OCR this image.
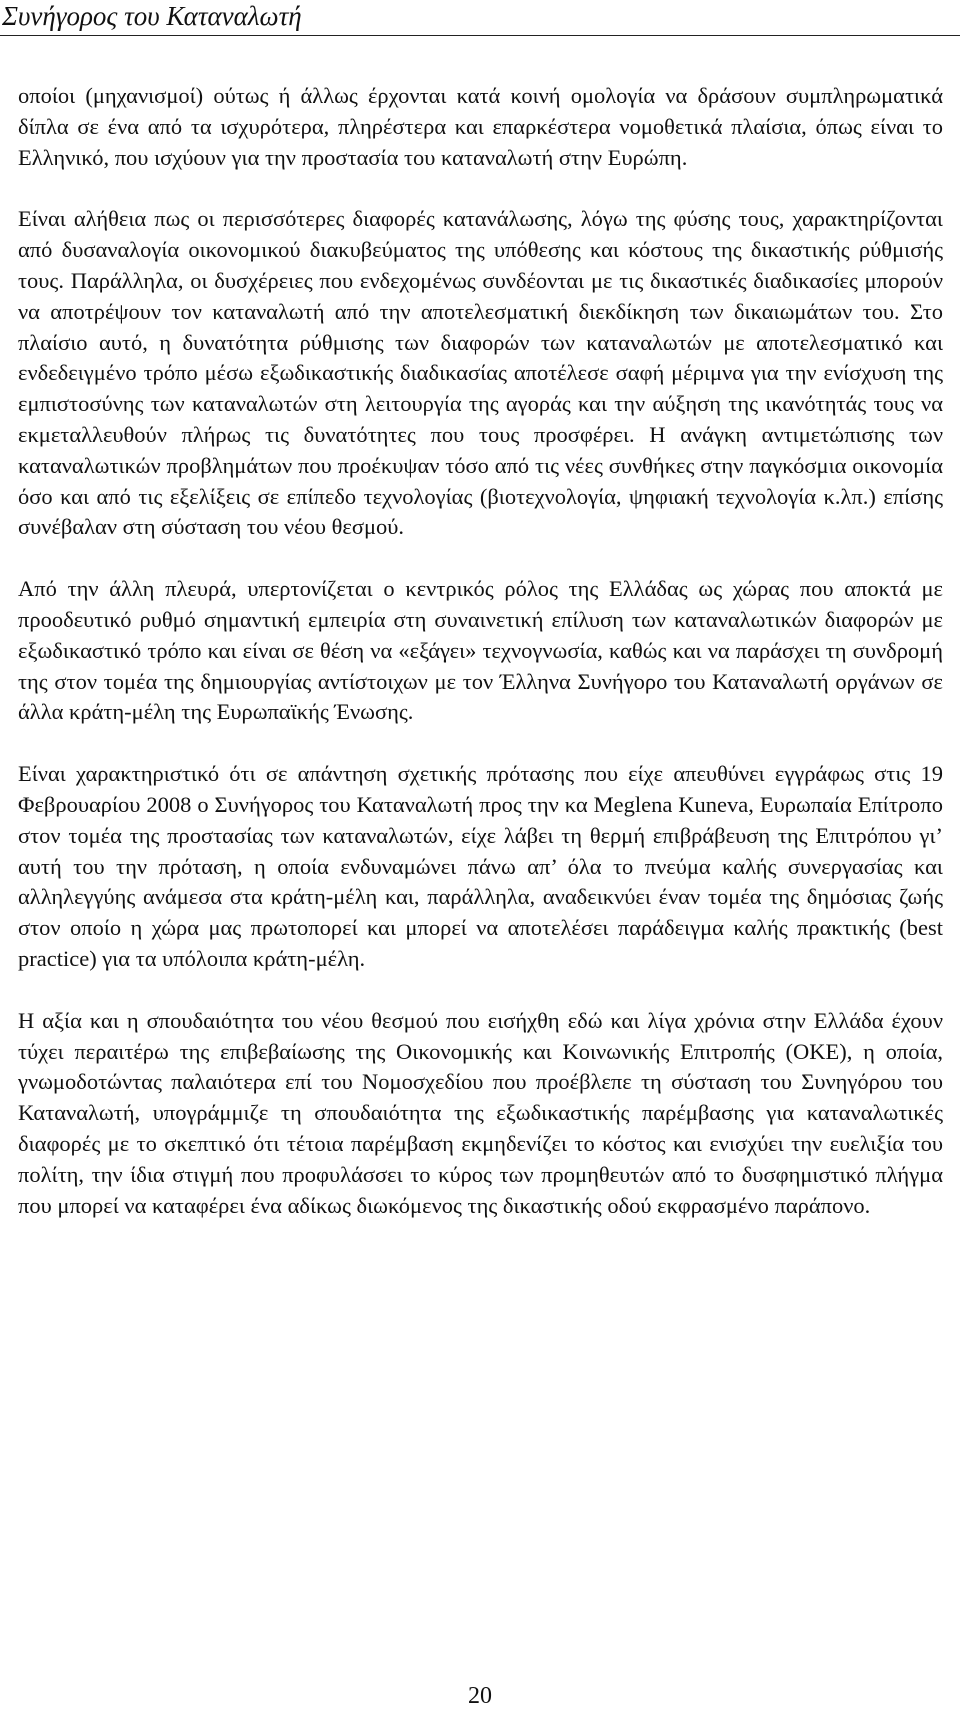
Συνήγορος του Καταναλωτή

οποίοι (μηχανισμοί) ούτως ή άλλως έρχονται κατά κοινή ομολογία να δράσουν συμπληρωματικά δίπλα σε ένα από τα ισχυρότερα, πληρέστερα και επαρκέστερα νομοθετικά πλαίσια, όπως είναι το Ελληνικό, που ισχύουν για την προστασία του καταναλωτή στην Ευρώπη.

Είναι αλήθεια πως οι περισσότερες διαφορές κατανάλωσης, λόγω της φύσης τους, χαρακτηρίζονται από δυσαναλογία οικονομικού διακυβεύματος της υπόθεσης και κόστους της δικαστικής ρύθμισής τους. Παράλληλα, οι δυσχέρειες που ενδεχομένως συνδέονται με τις δικαστικές διαδικασίες μπορούν να αποτρέψουν τον καταναλωτή από την αποτελεσματική διεκδίκηση των δικαιωμάτων του. Στο πλαίσιο αυτό, η δυνατότητα ρύθμισης των διαφορών των καταναλωτών με αποτελεσματικό και ενδεδειγμένο τρόπο μέσω εξωδικαστικής διαδικασίας αποτέλεσε σαφή μέριμνα για την ενίσχυση της εμπιστοσύνης των καταναλωτών στη λειτουργία της αγοράς και την αύξηση της ικανότητάς τους να εκμεταλλευθούν πλήρως τις δυνατότητες που τους προσφέρει. Η ανάγκη αντιμετώπισης των καταναλωτικών προβλημάτων που προέκυψαν τόσο από τις νέες συνθήκες στην παγκόσμια οικονομία όσο και από τις εξελίξεις σε επίπεδο τεχνολογίας (βιοτεχνολογία, ψηφιακή τεχνολογία κ.λπ.) επίσης συνέβαλαν στη σύσταση του νέου θεσμού.

Από την άλλη πλευρά, υπερτονίζεται ο κεντρικός ρόλος της Ελλάδας ως χώρας που αποκτά με προοδευτικό ρυθμό σημαντική εμπειρία στη συναινετική επίλυση των καταναλωτικών διαφορών με εξωδικαστικό τρόπο και είναι σε θέση να «εξάγει» τεχνογνωσία, καθώς και να παράσχει τη συνδρομή της στον τομέα της δημιουργίας αντίστοιχων με τον Έλληνα Συνήγορο του Καταναλωτή οργάνων σε άλλα κράτη-μέλη της Ευρωπαϊκής Ένωσης.

Είναι χαρακτηριστικό ότι σε απάντηση σχετικής πρότασης που είχε απευθύνει εγγράφως στις 19 Φεβρουαρίου 2008 ο Συνήγορος του Καταναλωτή προς την κα Meglena Kuneva, Ευρωπαία Επίτροπο στον τομέα της προστασίας των καταναλωτών, είχε λάβει τη θερμή επιβράβευση της Επιτρόπου γι’ αυτή του την πρόταση, η οποία ενδυναμώνει πάνω απ’ όλα το πνεύμα καλής συνεργασίας και αλληλεγγύης ανάμεσα στα κράτη-μέλη και, παράλληλα, αναδεικνύει έναν τομέα της δημόσιας ζωής στον οποίο η χώρα μας πρωτοπορεί και μπορεί να αποτελέσει παράδειγμα καλής πρακτικής (best practice) για τα υπόλοιπα κράτη-μέλη.

Η αξία και η σπουδαιότητα του νέου θεσμού που εισήχθη εδώ και λίγα χρόνια στην Ελλάδα έχουν τύχει περαιτέρω της επιβεβαίωσης της Οικονομικής και Κοινωνικής Επιτροπής (ΟΚΕ), η οποία, γνωμοδοτώντας παλαιότερα επί του Νομοσχεδίου που προέβλεπε τη σύσταση του Συνηγόρου του Καταναλωτή, υπογράμμιζε τη σπουδαιότητα της εξωδικαστικής παρέμβασης για καταναλωτικές διαφορές με το σκεπτικό ότι τέτοια παρέμβαση εκμηδενίζει το κόστος και ενισχύει την ευελιξία του πολίτη, την ίδια στιγμή που προφυλάσσει το κύρος των προμηθευτών από το δυσφημιστικό πλήγμα που μπορεί να καταφέρει ένα αδίκως διωκόμενος της δικαστικής οδού εκφρασμένο παράπονο.

20
